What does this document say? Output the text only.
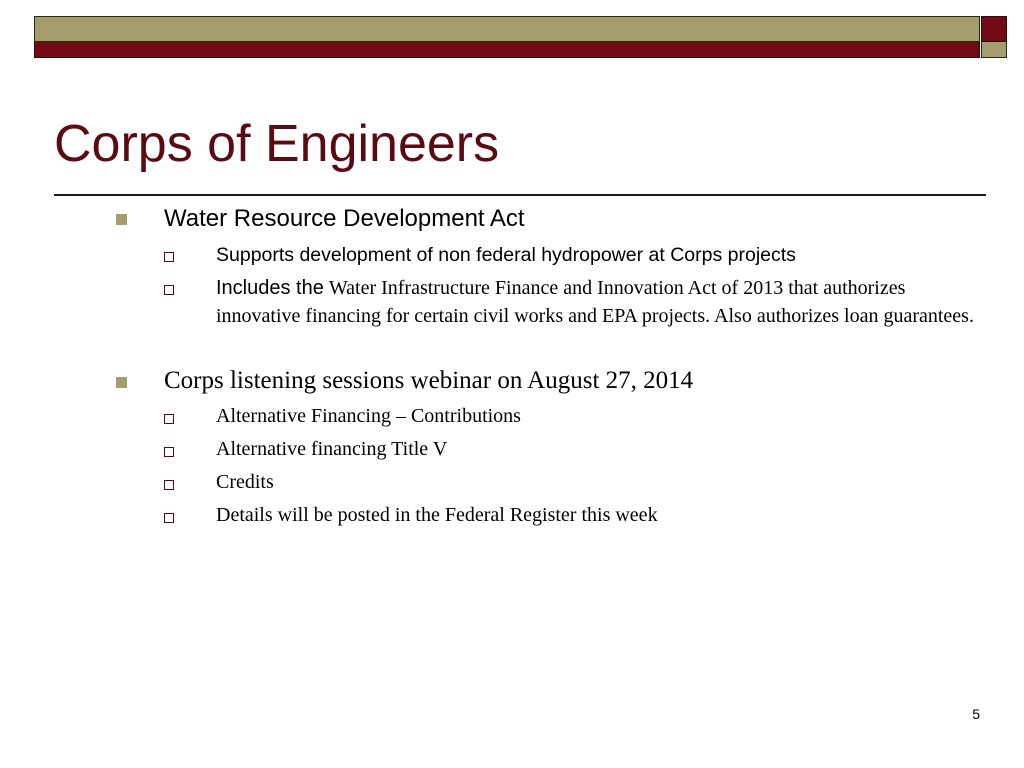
Corps of Engineers
Water Resource Development Act
Supports development of non federal hydropower at Corps projects
Includes the Water Infrastructure Finance and Innovation Act of 2013 that authorizes innovative financing for certain civil works and EPA projects. Also authorizes loan guarantees.
Corps listening sessions webinar on August 27, 2014
Alternative Financing – Contributions
Alternative financing Title V
Credits
Details will be posted in the Federal Register this week
5
